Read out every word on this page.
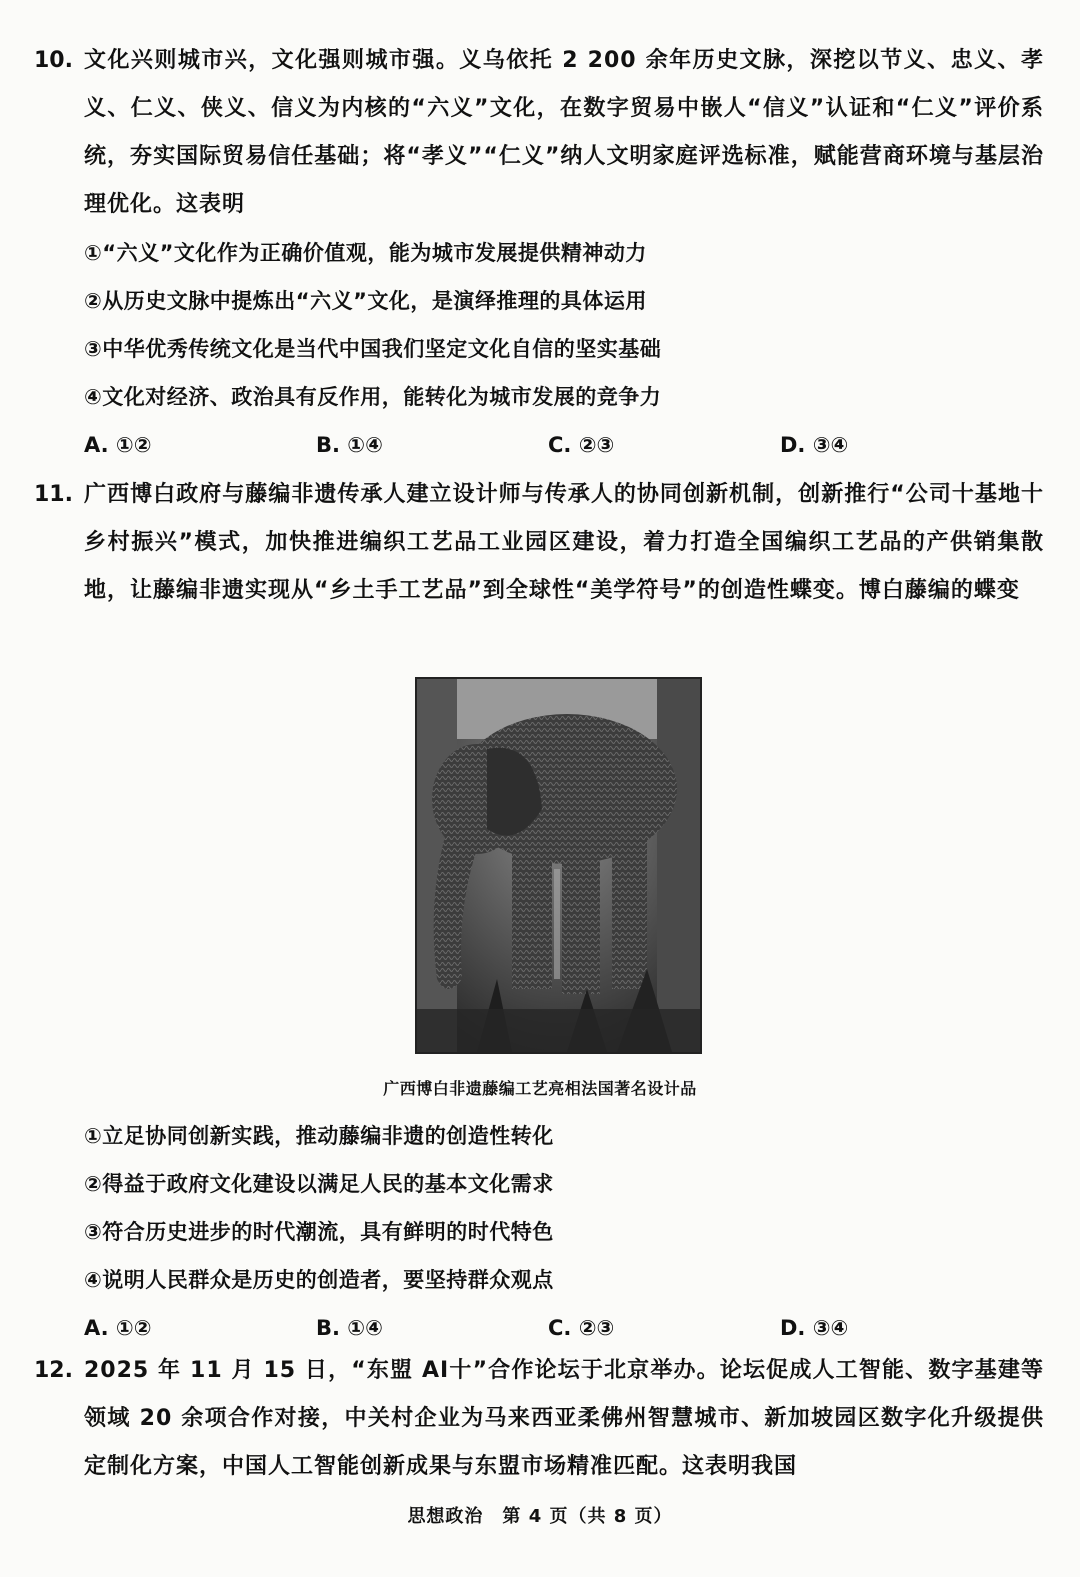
10. 文化兴则城市兴，文化强则城市强。义乌依托 2 200 余年历史文脉，深挖以节义、忠义、孝义、仁义、侠义、信义为内核的“六义”文化，在数字贸易中嵌人“信义”认证和“仁义”评价系统，夯实国际贸易信任基础；将“孝义”“仁义”纳人文明家庭评选标准，赋能营商环境与基层治理优化。这表明
①“六义”文化作为正确价值观，能为城市发展提供精神动力
②从历史文脉中提炼出“六义”文化，是演绎推理的具体运用
③中华优秀传统文化是当代中国我们坚定文化自信的坚实基础
④文化对经济、政治具有反作用，能转化为城市发展的竞争力
A. ①②	B. ①④	C. ②③	D. ③④
11. 广西博白政府与藤编非遗传承人建立设计师与传承人的协同创新机制，创新推行“公司十基地十乡村振兴”模式，加快推进编织工艺品工业园区建设，着力打造全国编织工艺品的产供销集散地，让藤编非遗实现从“乡土手工艺品”到全球性“美学符号”的创造性蝶变。博白藤编的蝶变
广西博白非遗藤编工艺亮相法国著名设计品
①立足协同创新实践，推动藤编非遗的创造性转化
②得益于政府文化建设以满足人民的基本文化需求
③符合历史进步的时代潮流，具有鲜明的时代特色
④说明人民群众是历史的创造者，要坚持群众观点
A. ①②	B. ①④	C. ②③	D. ③④
12. 2025 年 11 月 15 日，“东盟 AI十”合作论坛于北京举办。论坛促成人工智能、数字基建等领域 20 余项合作对接，中关村企业为马来西亚柔佛州智慧城市、新加坡园区数字化升级提供定制化方案，中国人工智能创新成果与东盟市场精准匹配。这表明我国
思想政治　第 4 页（共 8 页）
